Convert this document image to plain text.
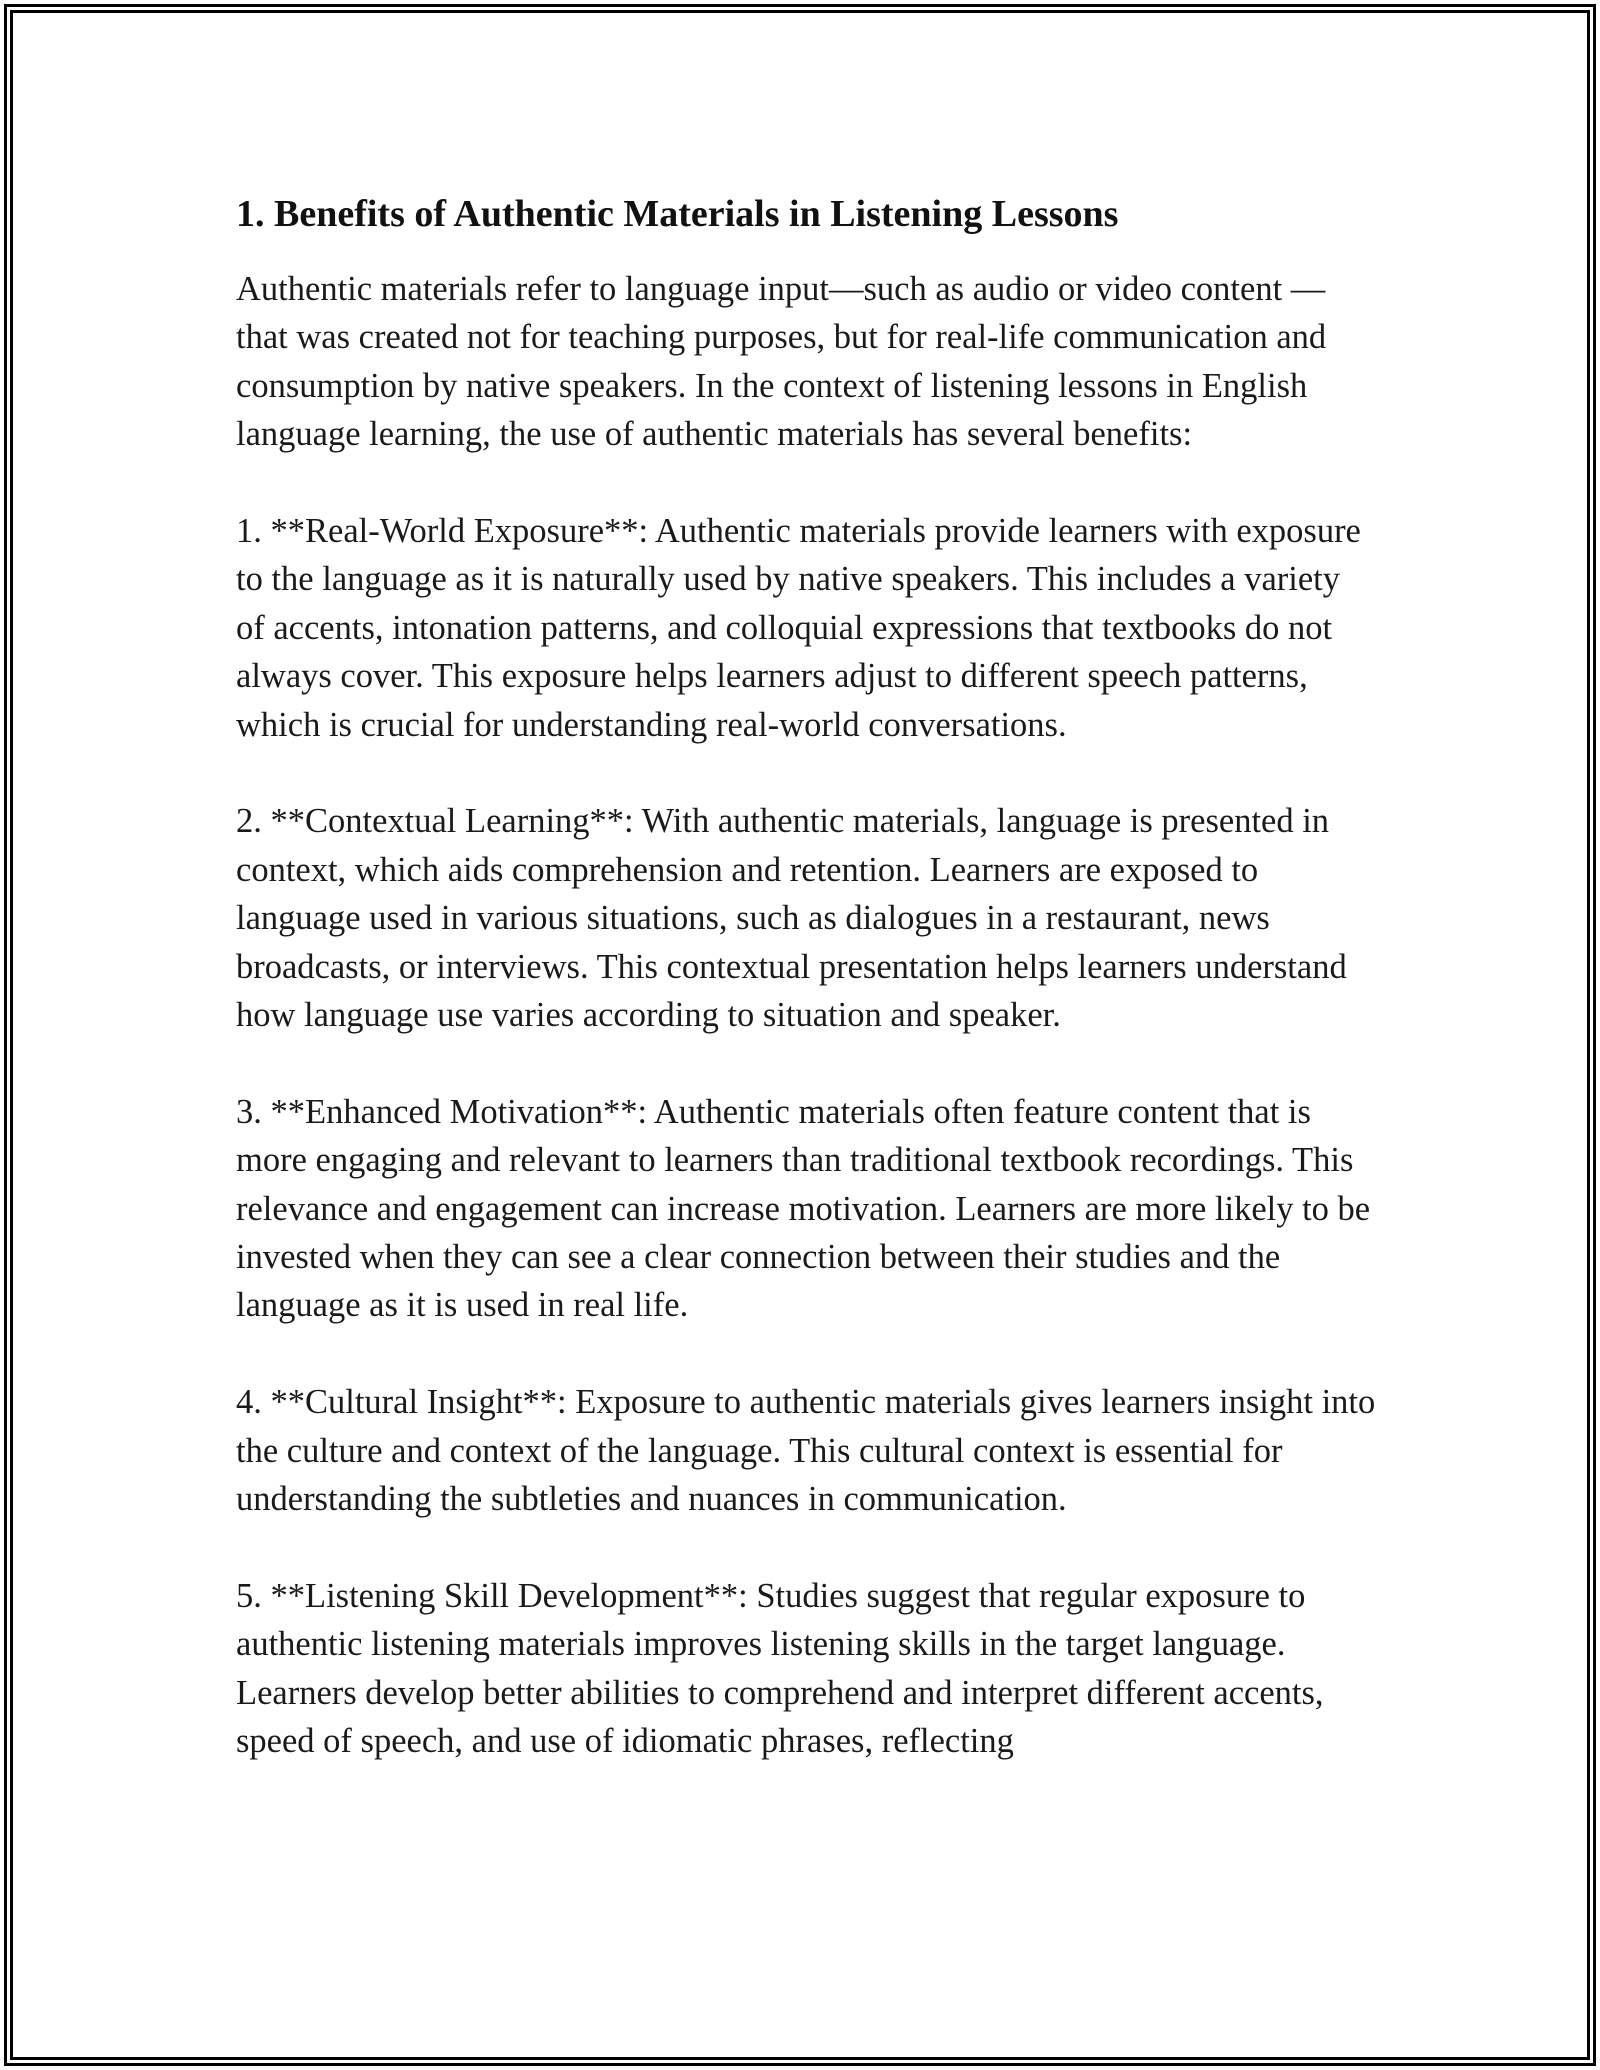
1. Benefits of Authentic Materials in Listening Lessons

Authentic materials refer to language input—such as audio or video content —that was created not for teaching purposes, but for real-life communication and consumption by native speakers. In the context of listening lessons in English language learning, the use of authentic materials has several benefits:

1. **Real-World Exposure**: Authentic materials provide learners with exposure to the language as it is naturally used by native speakers. This includes a variety of accents, intonation patterns, and colloquial expressions that textbooks do not always cover. This exposure helps learners adjust to different speech patterns, which is crucial for understanding real-world conversations.

2. **Contextual Learning**: With authentic materials, language is presented in context, which aids comprehension and retention. Learners are exposed to language used in various situations, such as dialogues in a restaurant, news broadcasts, or interviews. This contextual presentation helps learners understand how language use varies according to situation and speaker.

3. **Enhanced Motivation**: Authentic materials often feature content that is more engaging and relevant to learners than traditional textbook recordings. This relevance and engagement can increase motivation. Learners are more likely to be invested when they can see a clear connection between their studies and the language as it is used in real life.

4. **Cultural Insight**: Exposure to authentic materials gives learners insight into the culture and context of the language. This cultural context is essential for understanding the subtleties and nuances in communication.

5. **Listening Skill Development**: Studies suggest that regular exposure to authentic listening materials improves listening skills in the target language. Learners develop better abilities to comprehend and interpret different accents, speed of speech, and use of idiomatic phrases, reflecting
